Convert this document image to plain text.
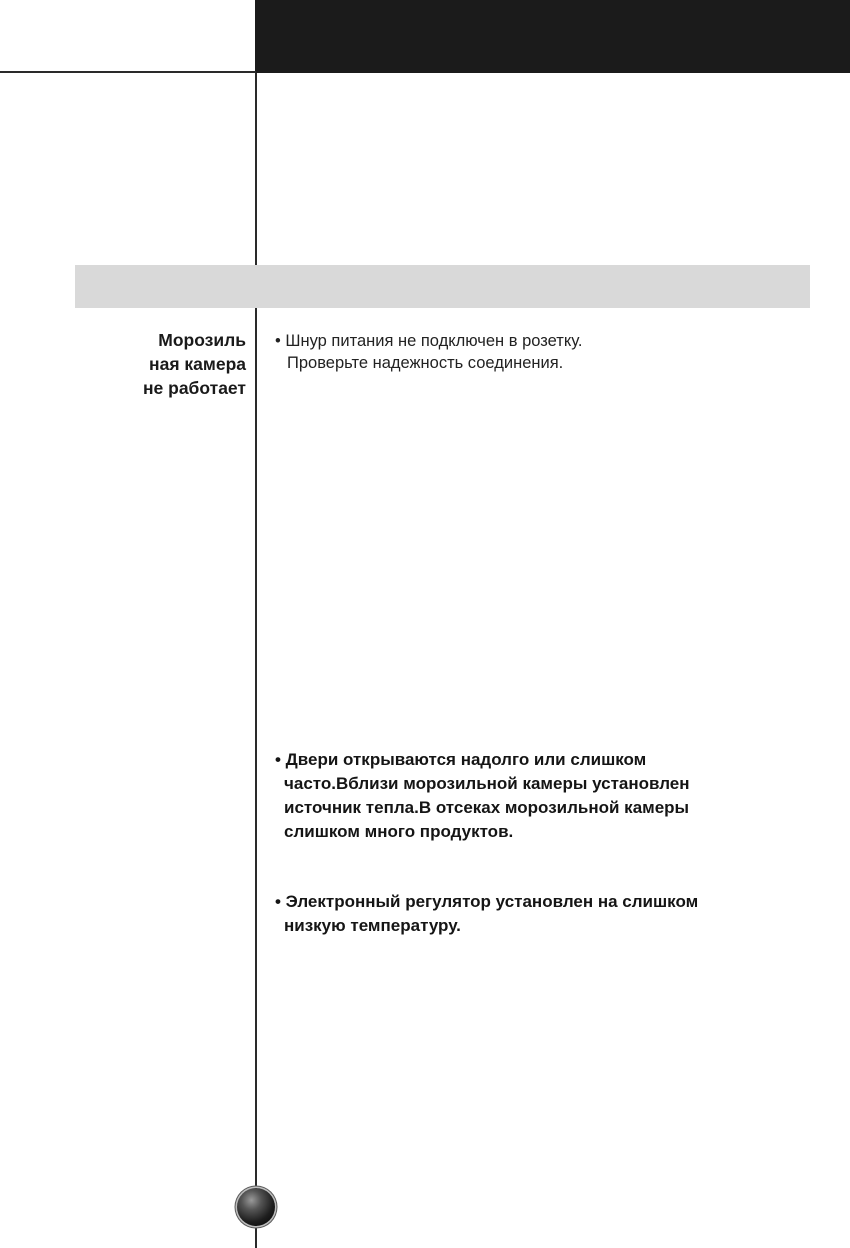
Морозиль
ная камера
не работает
• Шнур питания не подключен в розетку.
Проверьте надежность соединения.
• Двери открываются надолго или слишком
часто.Вблизи морозильной камеры установлен
источник тепла.В отсеках морозильной камеры
слишком много продуктов.
• Электронный регулятор установлен на слишком
низкую температуру.
